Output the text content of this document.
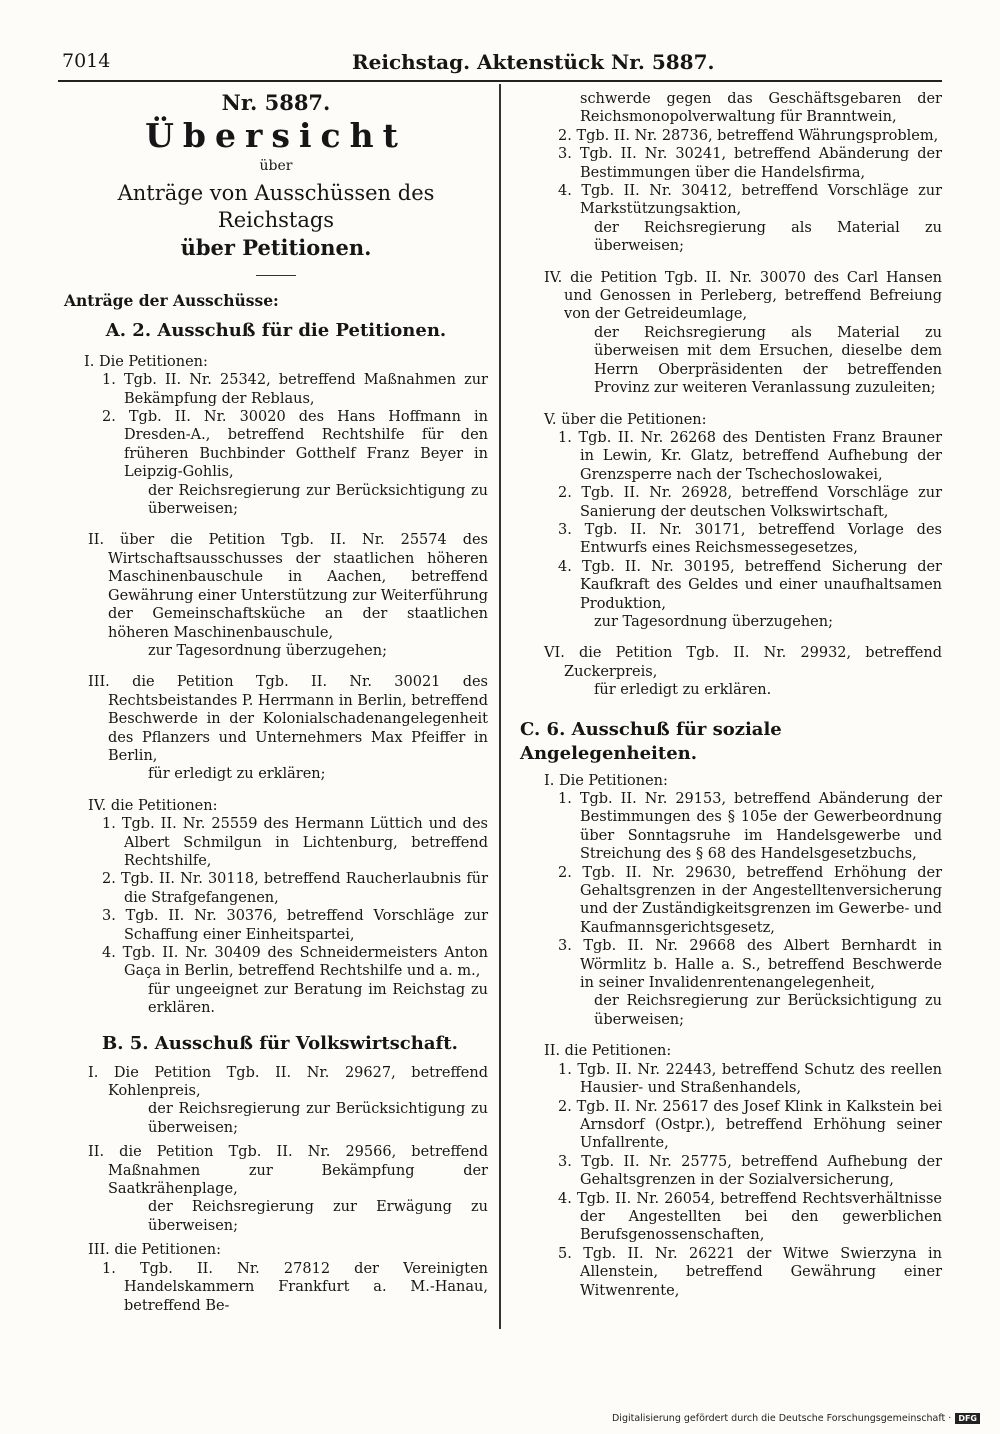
7014	Reichstag. Aktenstück Nr. 5887.

Nr. 5887.

Übersicht

über

Anträge von Ausschüssen des Reichstags

über Petitionen.

Anträge der Ausschüsse:

A. 2. Ausschuß für die Petitionen.

I. Die Petitionen:

1. Tgb. II. Nr. 25342, betreffend Maßnahmen zur Bekämpfung der Reblaus,

2. Tgb. II. Nr. 30020 des Hans Hoffmann in Dresden-A., betreffend Rechtshilfe für den früheren Buchbinder Gotthelf Franz Beyer in Leipzig-Gohlis,

der Reichsregierung zur Berücksichtigung zu überweisen;

II. über die Petition Tgb. II. Nr. 25574 des Wirtschaftsausschusses der staatlichen höheren Maschinenbauschule in Aachen, betreffend Gewährung einer Unterstützung zur Weiterführung der Gemeinschaftsküche an der staatlichen höheren Maschinenbauschule,

zur Tagesordnung überzugehen;

III. die Petition Tgb. II. Nr. 30021 des Rechtsbeistandes P. Herrmann in Berlin, betreffend Beschwerde in der Kolonialschadenangelegenheit des Pflanzers und Unternehmers Max Pfeiffer in Berlin,

für erledigt zu erklären;

IV. die Petitionen:

1. Tgb. II. Nr. 25559 des Hermann Lüttich und des Albert Schmilgun in Lichtenburg, betreffend Rechtshilfe,

2. Tgb. II. Nr. 30118, betreffend Raucherlaubnis für die Strafgefangenen,

3. Tgb. II. Nr. 30376, betreffend Vorschläge zur Schaffung einer Einheitspartei,

4. Tgb. II. Nr. 30409 des Schneidermeisters Anton Gaça in Berlin, betreffend Rechtshilfe und a. m.,

für ungeeignet zur Beratung im Reichstag zu erklären.

B. 5. Ausschuß für Volkswirtschaft.

I. Die Petition Tgb. II. Nr. 29627, betreffend Kohlenpreis,

der Reichsregierung zur Berücksichtigung zu überweisen;

II. die Petition Tgb. II. Nr. 29566, betreffend Maßnahmen zur Bekämpfung der Saatkrähenplage,

der Reichsregierung zur Erwägung zu überweisen;

III. die Petitionen:

1. Tgb. II. Nr. 27812 der Vereinigten Handelskammern Frankfurt a. M.-Hanau, betreffend Be-

schwerde gegen das Geschäftsgebaren der Reichsmonopolverwaltung für Branntwein,

2. Tgb. II. Nr. 28736, betreffend Währungsproblem,

3. Tgb. II. Nr. 30241, betreffend Abänderung der Bestimmungen über die Handelsfirma,

4. Tgb. II. Nr. 30412, betreffend Vorschläge zur Markstützungsaktion,

der Reichsregierung als Material zu überweisen;

IV. die Petition Tgb. II. Nr. 30070 des Carl Hansen und Genossen in Perleberg, betreffend Befreiung von der Getreideumlage,

der Reichsregierung als Material zu überweisen mit dem Ersuchen, dieselbe dem Herrn Oberpräsidenten der betreffenden Provinz zur weiteren Veranlassung zuzuleiten;

V. über die Petitionen:

1. Tgb. II. Nr. 26268 des Dentisten Franz Brauner in Lewin, Kr. Glatz, betreffend Aufhebung der Grenzsperre nach der Tschechoslowakei,

2. Tgb. II. Nr. 26928, betreffend Vorschläge zur Sanierung der deutschen Volkswirtschaft,

3. Tgb. II. Nr. 30171, betreffend Vorlage des Entwurfs eines Reichsmessegesetzes,

4. Tgb. II. Nr. 30195, betreffend Sicherung der Kaufkraft des Geldes und einer unaufhaltsamen Produktion,

zur Tagesordnung überzugehen;

VI. die Petition Tgb. II. Nr. 29932, betreffend Zuckerpreis,

für erledigt zu erklären.

C. 6. Ausschuß für soziale Angelegenheiten.

I. Die Petitionen:

1. Tgb. II. Nr. 29153, betreffend Abänderung der Bestimmungen des § 105e der Gewerbeordnung über Sonntagsruhe im Handelsgewerbe und Streichung des § 68 des Handelsgesetzbuchs,

2. Tgb. II. Nr. 29630, betreffend Erhöhung der Gehaltsgrenzen in der Angestelltenversicherung und der Zuständigkeitsgrenzen im Gewerbe- und Kaufmannsgerichtsgesetz,

3. Tgb. II. Nr. 29668 des Albert Bernhardt in Wörmlitz b. Halle a. S., betreffend Beschwerde in seiner Invalidenrentenangelegenheit,

der Reichsregierung zur Berücksichtigung zu überweisen;

II. die Petitionen:

1. Tgb. II. Nr. 22443, betreffend Schutz des reellen Hausier- und Straßenhandels,

2. Tgb. II. Nr. 25617 des Josef Klink in Kalkstein bei Arnsdorf (Ostpr.), betreffend Erhöhung seiner Unfallrente,

3. Tgb. II. Nr. 25775, betreffend Aufhebung der Gehaltsgrenzen in der Sozialversicherung,

4. Tgb. II. Nr. 26054, betreffend Rechtsverhältnisse der Angestellten bei den gewerblichen Berufsgenossenschaften,

5. Tgb. II. Nr. 26221 der Witwe Swierzyna in Allenstein, betreffend Gewährung einer Witwenrente,

Digitalisierung gefördert durch die Deutsche Forschungsgemeinschaft · DFG
